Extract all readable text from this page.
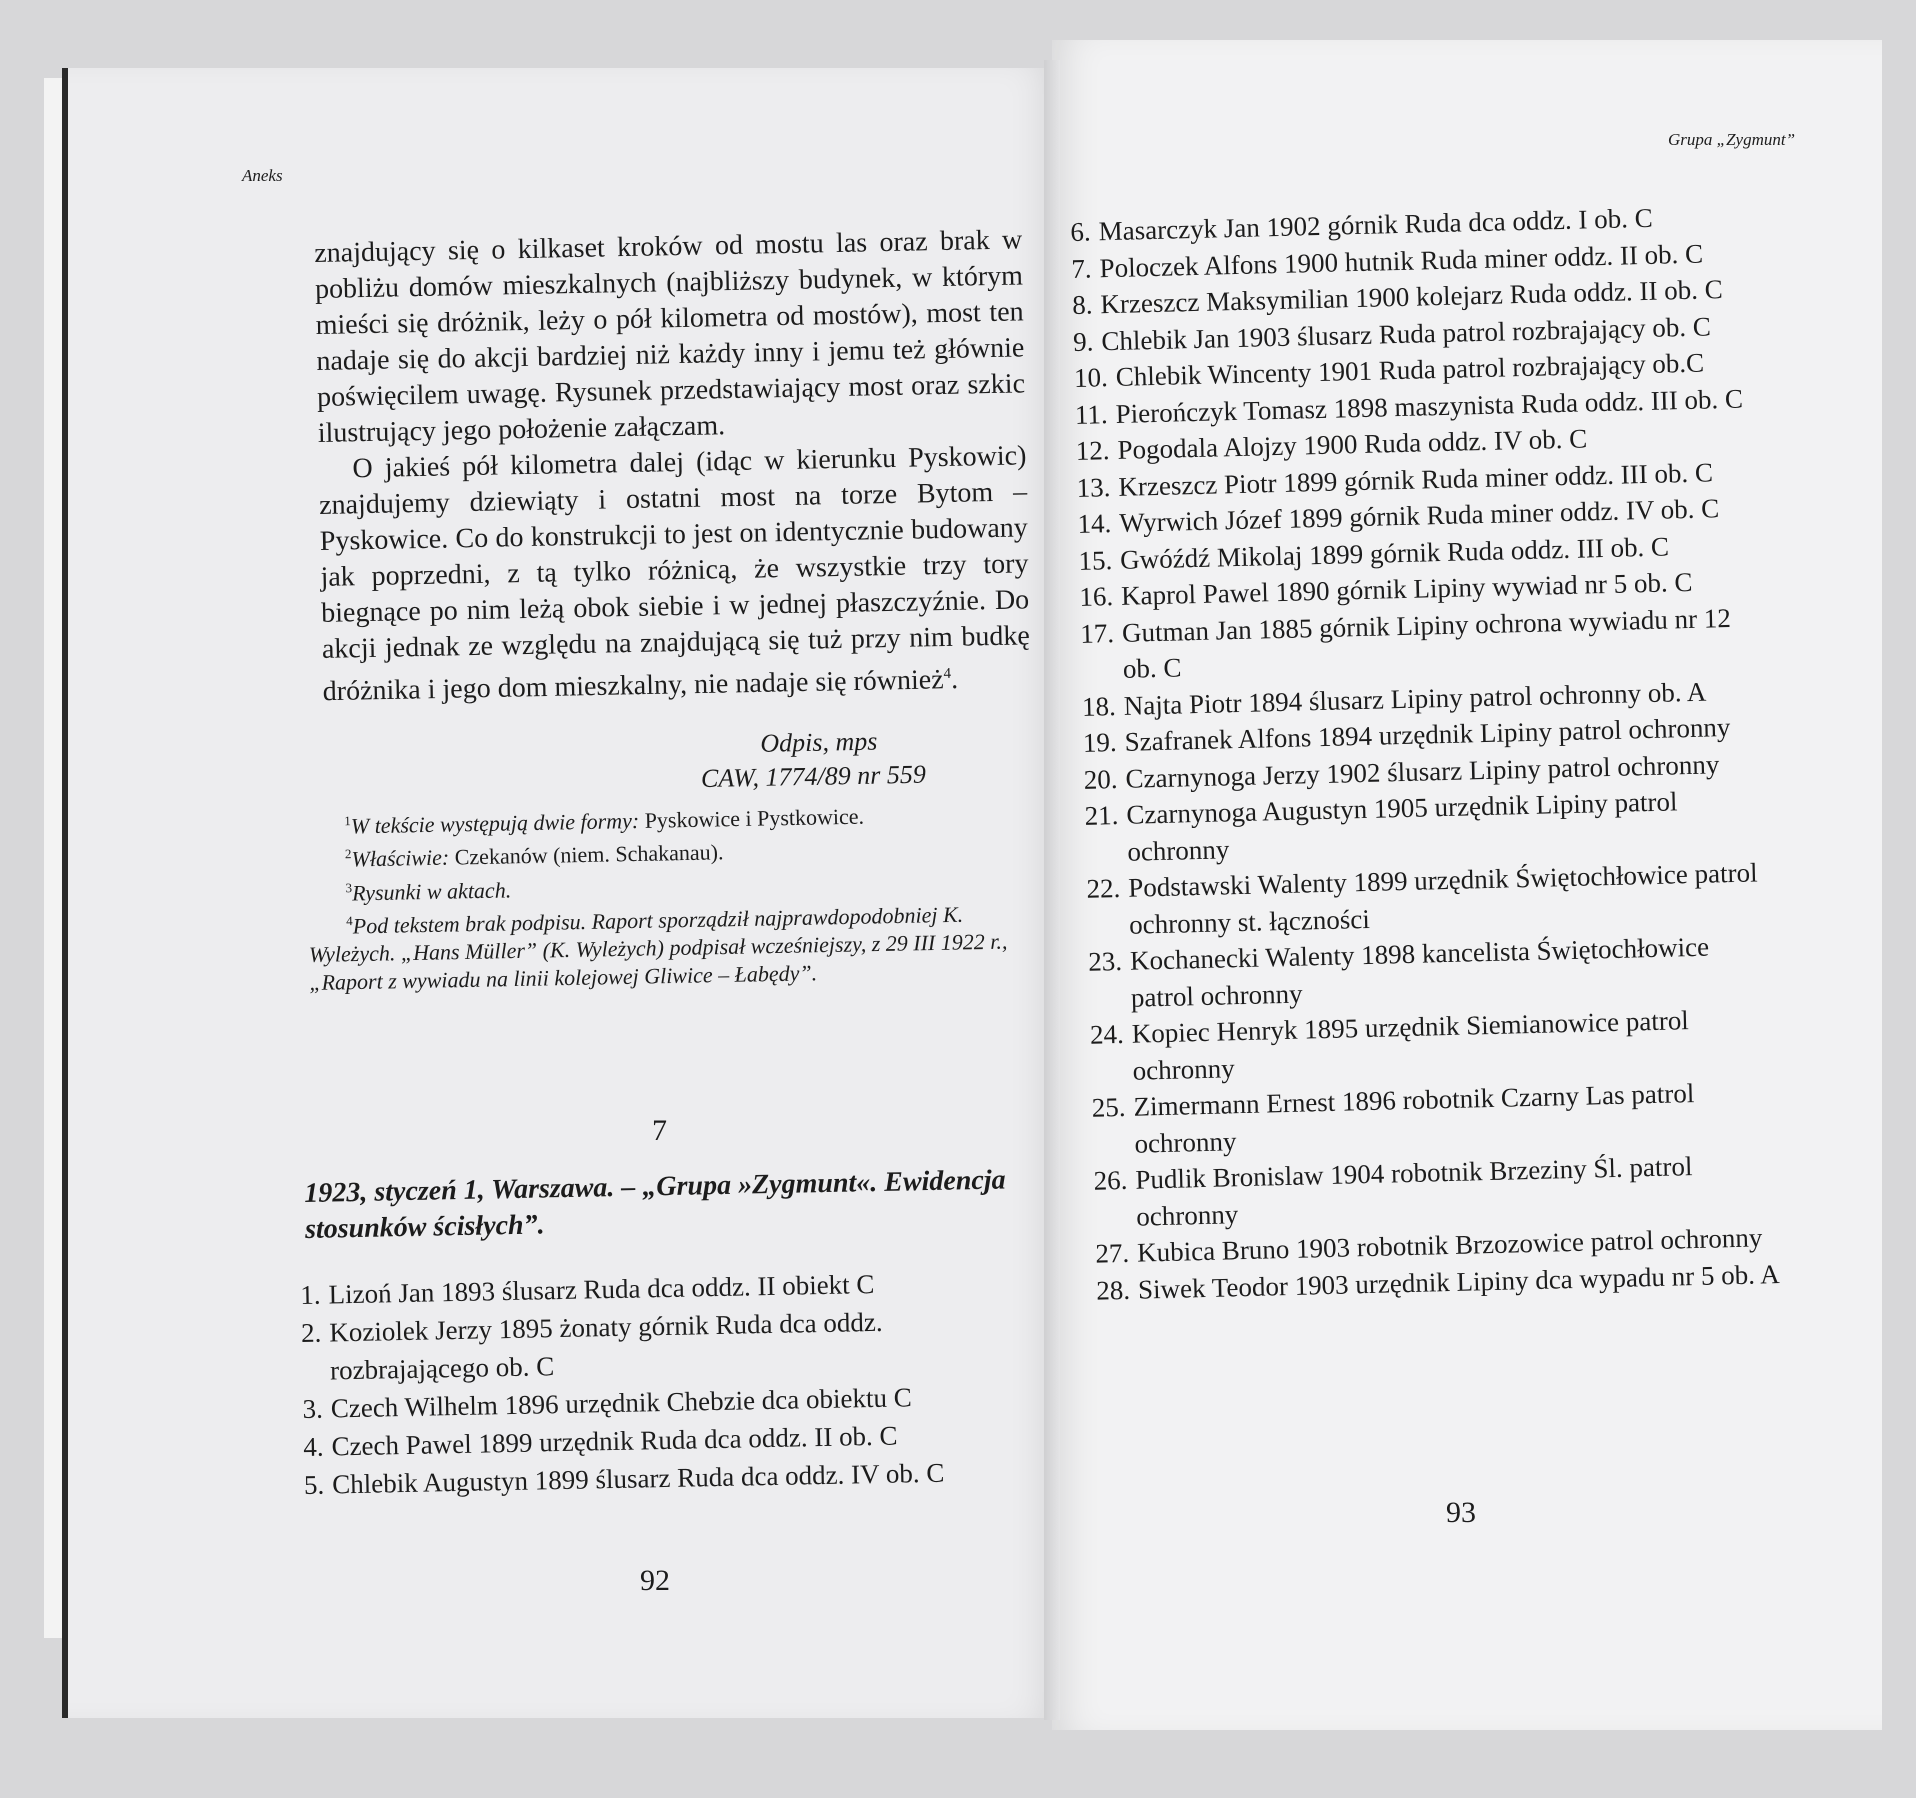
Aneks

znajdujący się o kilkaset kroków od mostu las oraz brak w pobliżu domów mieszkalnych (najbliższy budynek, w którym mieści się dróżnik, leży o pół kilometra od mostów), most ten nadaje się do akcji bardziej niż każdy inny i jemu też głównie poświęcilem uwagę. Rysunek przedstawiający most oraz szkic ilustrujący jego położenie załączam.

O jakieś pół kilometra dalej (idąc w kierunku Pyskowic) znajdujemy dziewiąty i ostatni most na torze Bytom – Pyskowice. Co do konstrukcji to jest on identycznie budowany jak poprzedni, z tą tylko różnicą, że wszystkie trzy tory biegnące po nim leżą obok siebie i w jednej płaszczyźnie. Do akcji jednak ze względu na znajdującą się tuż przy nim budkę dróżnika i jego dom mieszkalny, nie nadaje się również$^4$.

Odpis, mps
CAW, 1774/89 nr 559

$^1$W tekście występują dwie formy: Pyskowice i Pystkowice.

$^2$Właściwie: Czekanów (niem. Schakanau).

$^3$Rysunki w aktach.

$^4$Pod tekstem brak podpisu. Raport sporządził najprawdopodobniej K. Wyleżych. „Hans Müller” (K. Wyleżych) podpisał wcześniejszy, z 29 III 1922 r., „Raport z wywiadu na linii kolejowej Gliwice – Łabędy”.

7
1923, styczeń 1, Warszawa. – „Grupa »Zygmunt«. Ewidencja stosunków ścisłych”.
1. Lizoń Jan 1893 ślusarz Ruda dca oddz. II obiekt C
2. Koziolek Jerzy 1895 żonaty górnik Ruda dca oddz. rozbrajającego ob. C
3. Czech Wilhelm 1896 urzędnik Chebzie dca obiektu C
4. Czech Pawel 1899 urzędnik Ruda dca oddz. II ob. C
5. Chlebik Augustyn 1899 ślusarz Ruda dca oddz. IV ob. C
92
Grupa „Zygmunt”
6. Masarczyk Jan 1902 górnik Ruda dca oddz. I ob. C
7. Poloczek Alfons 1900 hutnik Ruda miner oddz. II ob. C
8. Krzeszcz Maksymilian 1900 kolejarz Ruda oddz. II ob. C
9. Chlebik Jan 1903 ślusarz Ruda patrol rozbrajający ob. C
10. Chlebik Wincenty 1901 Ruda patrol rozbrajający ob.C
11. Pierończyk Tomasz 1898 maszynista Ruda oddz. III ob. C
12. Pogodala Alojzy 1900 Ruda oddz. IV ob. C
13. Krzeszcz Piotr 1899 górnik Ruda miner oddz. III ob. C
14. Wyrwich Józef 1899 górnik Ruda miner oddz. IV ob. C
15. Gwóźdź Mikolaj 1899 górnik Ruda oddz. III ob. C
16. Kaprol Pawel 1890 górnik Lipiny wywiad nr 5 ob. C
17. Gutman Jan 1885 górnik Lipiny ochrona wywiadu nr 12 ob. C
18. Najta Piotr 1894 ślusarz Lipiny patrol ochronny ob. A
19. Szafranek Alfons 1894 urzędnik Lipiny patrol ochronny
20. Czarnynoga Jerzy 1902 ślusarz Lipiny patrol ochronny
21. Czarnynoga Augustyn 1905 urzędnik Lipiny patrol ochronny
22. Podstawski Walenty 1899 urzędnik Świętochłowice patrol ochronny st. łączności
23. Kochanecki Walenty 1898 kancelista Świętochłowice patrol ochronny
24. Kopiec Henryk 1895 urzędnik Siemianowice patrol ochronny
25. Zimermann Ernest 1896 robotnik Czarny Las patrol ochronny
26. Pudlik Bronislaw 1904 robotnik Brzeziny Śl. patrol ochronny
27. Kubica Bruno 1903 robotnik Brzozowice patrol ochronny
28. Siwek Teodor 1903 urzędnik Lipiny dca wypadu nr 5 ob. A
93
